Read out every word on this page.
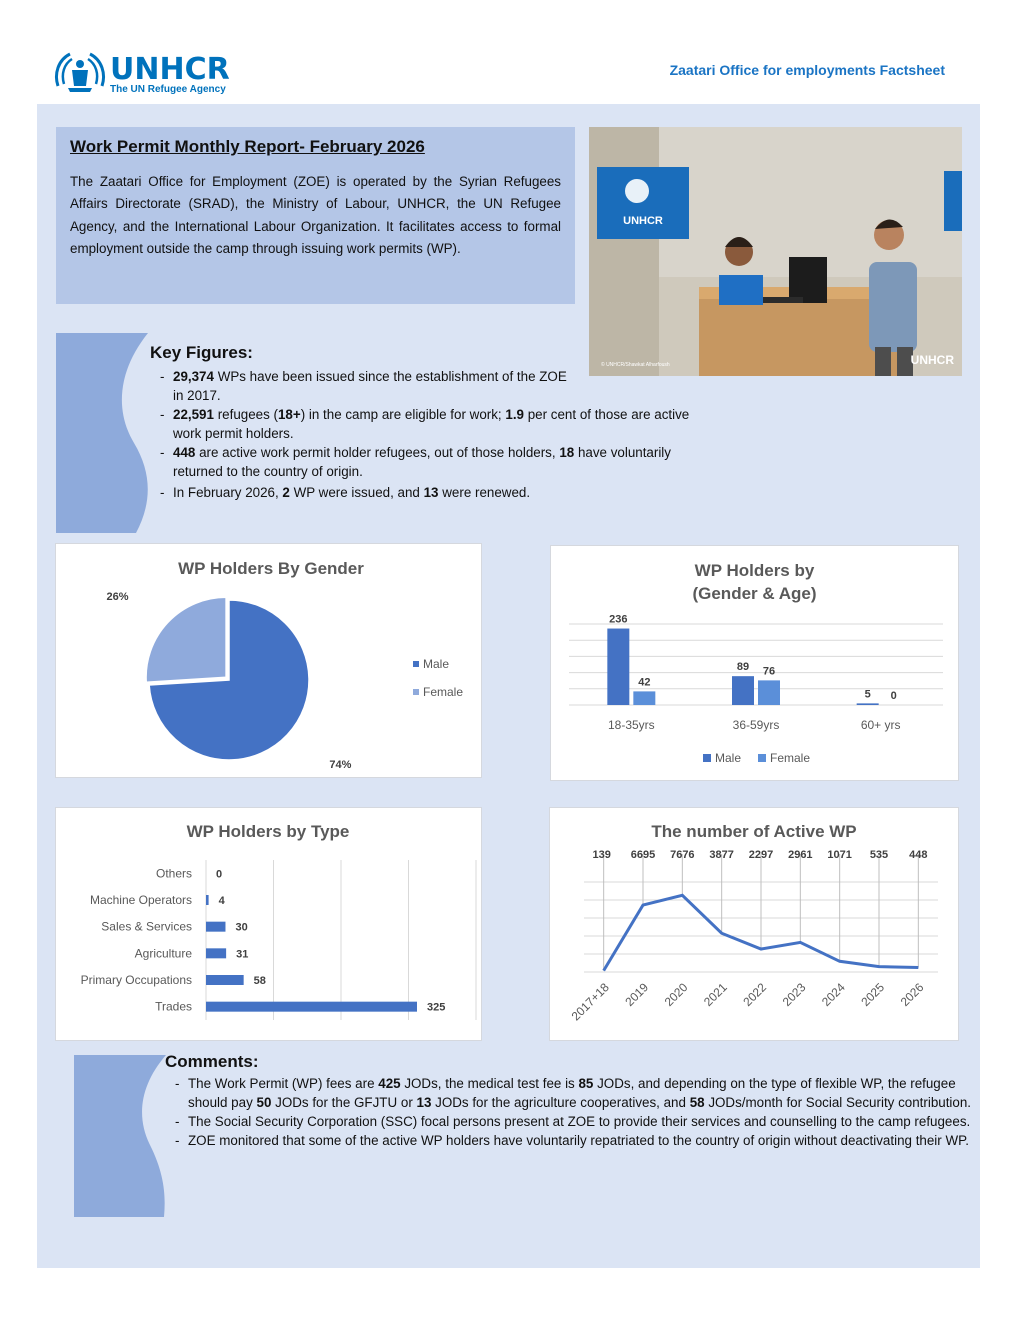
UNHCR
The UN Refugee Agency
Zaatari Office for employments Factsheet
Work Permit Monthly Report- February 2026
The Zaatari Office for Employment (ZOE) is operated by the Syrian Refugees Affairs Directorate (SRAD), the Ministry of Labour, UNHCR, the UN Refugee Agency, and the International Labour Organization. It facilitates access to formal employment outside the camp through issuing work permits (WP).
UNHCR
© UNHCR/Shawkat Alharfoush	UNHCR
Key Figures:
- 29,374 WPs have been issued since the establishment of the ZOE in 2017.
- 22,591 refugees (18+) in the camp are eligible for work; 1.9 per cent of those are active work permit holders.
- 448 are active work permit holder refugees, out of those holders, 18 have voluntarily returned to the country of origin.
- In February 2026, 2 WP were issued, and 13 were renewed.
WP Holders By Gender
74%
26%
Male
Female
WP Holders by
(Gender & Age)
236
42
18-35yrs
89 76
36-59yrs
5 0
60+ yrs
Male Female
WP Holders by Type
0
Others
4
Machine Operators
30
Sales & Services
31
Agriculture
58
Primary Occupations
325
Trades
The number of Active WP
139
2017+18
6695
2019
7676
2020
3877
2021
2297
2022
2961
2023
1071
2024
535
2025
448
2026
Comments:
- The Work Permit (WP) fees are 425 JODs, the medical test fee is 85 JODs, and depending on the type of flexible WP, the refugee should pay 50 JODs for the GFJTU or 13 JODs for the agriculture cooperatives, and 58 JODs/month for Social Security contribution.
- The Social Security Corporation (SSC) focal persons present at ZOE to provide their services and counselling to the camp refugees.
- ZOE monitored that some of the active WP holders have voluntarily repatriated to the country of origin without deactivating their WP.
